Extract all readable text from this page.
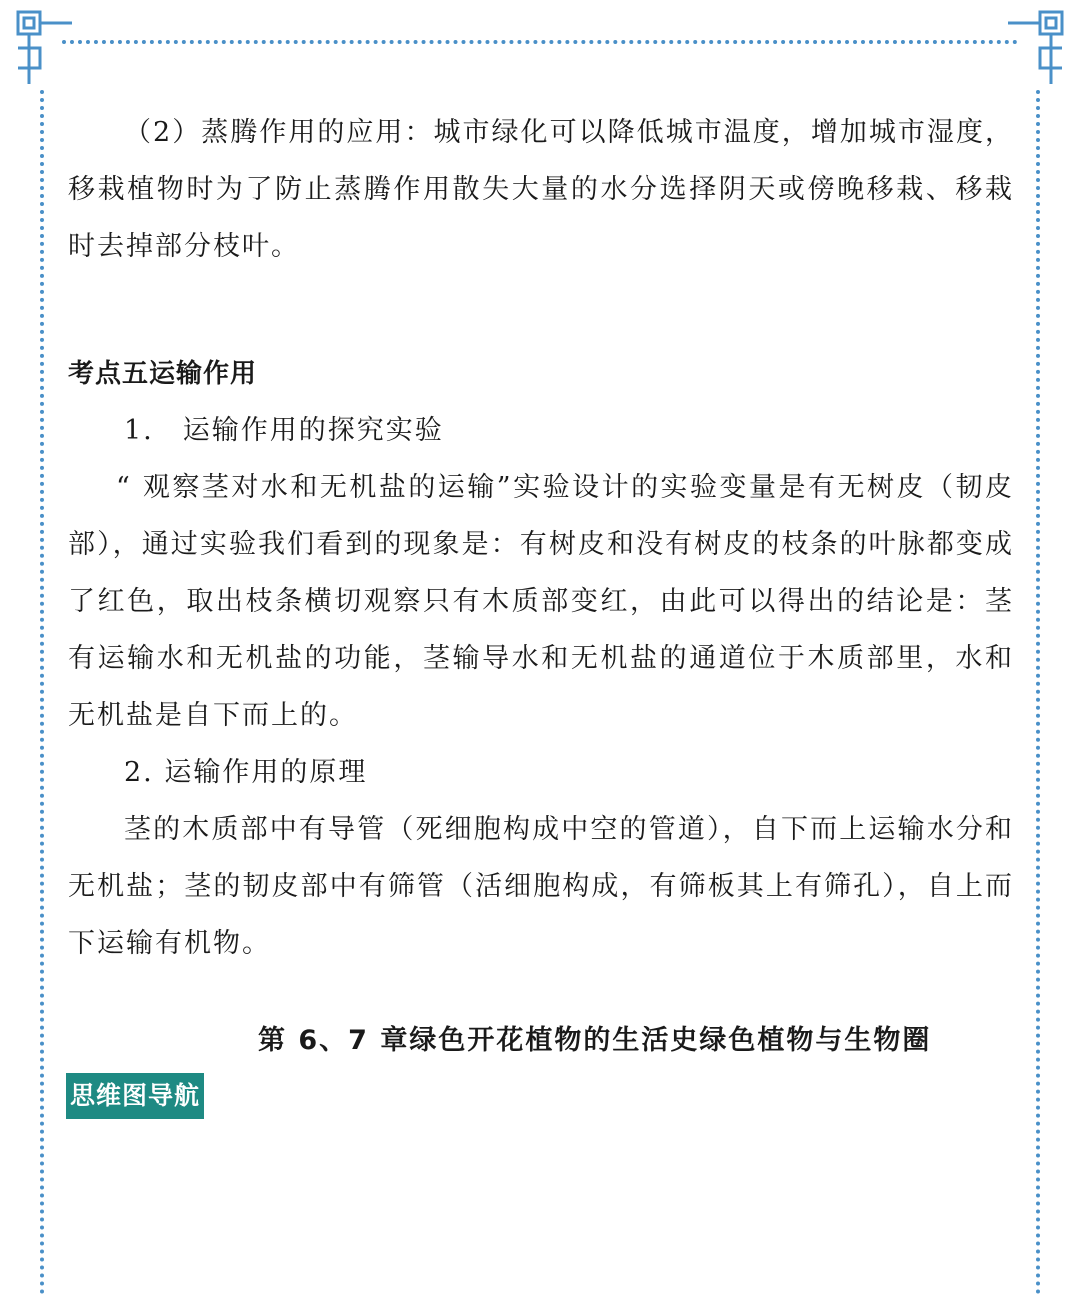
（2）蒸腾作用的应用：城市绿化可以降低城市温度，增加城市湿度，移栽植物时为了防止蒸腾作用散失大量的水分选择阴天或傍晚移栽、移栽时去掉部分枝叶。

考点五运输作用

1.　运输作用的探究实验

“ 观察茎对水和无机盐的运输”实验设计的实验变量是有无树皮（韧皮部），通过实验我们看到的现象是：有树皮和没有树皮的枝条的叶脉都变成了红色，取出枝条横切观察只有木质部变红，由此可以得出的结论是：茎有运输水和无机盐的功能，茎输导水和无机盐的通道位于木质部里，水和无机盐是自下而上的。

2. 运输作用的原理

茎的木质部中有导管（死细胞构成中空的管道），自下而上运输水分和无机盐；茎的韧皮部中有筛管（活细胞构成，有筛板其上有筛孔），自上而下运输有机物。

第 6、7 章绿色开花植物的生活史绿色植物与生物圈
思维图导航
